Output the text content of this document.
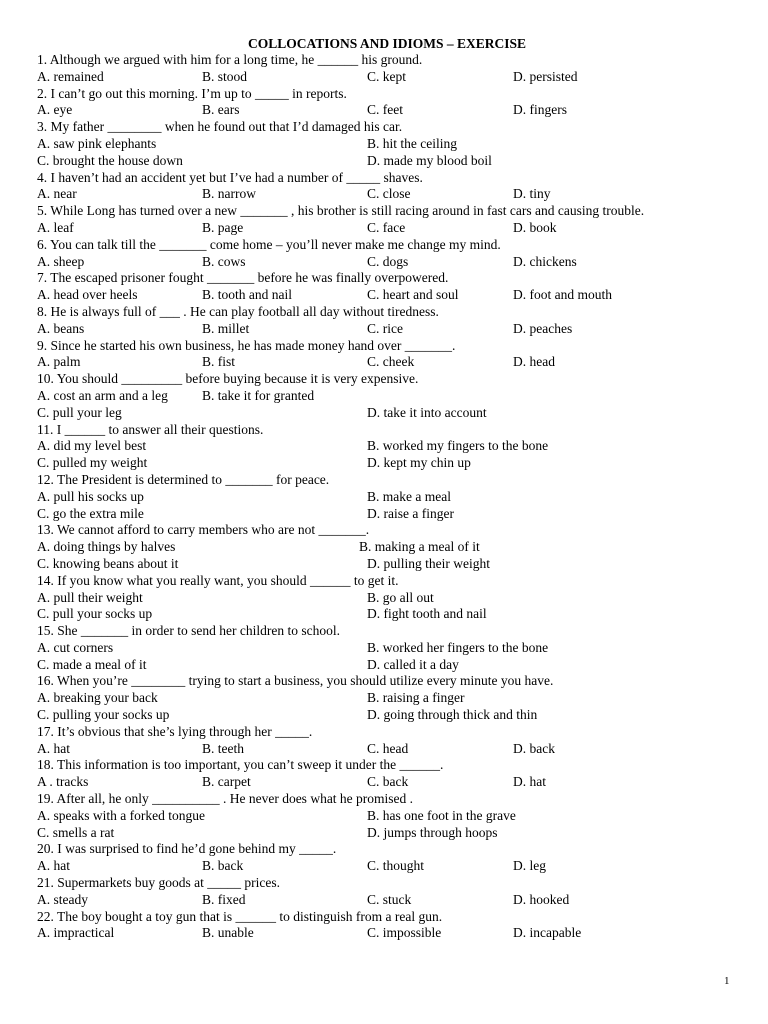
COLLOCATIONS AND IDIOMS – EXERCISE
1. Although we argued with him for a long time, he ______ his ground.
A. remained	B. stood	C. kept	D. persisted
2. I can’t go out this morning. I’m up to _____ in reports.
A. eye	B. ears	C. feet	D. fingers
3. My father ________ when he found out that I’d damaged his car.
A. saw pink elephants	B. hit the ceiling
C. brought the house down	D. made my blood boil
4. I haven’t had an accident yet but I’ve had a number of _____ shaves.
A. near	B. narrow	C. close	D. tiny
5. While Long has turned over a new _______ , his brother is still racing around in fast cars and causing trouble.
A. leaf	B. page	C. face	D. book
6. You can talk till the _______ come home – you’ll never make me change my mind.
A. sheep	B. cows	C. dogs	D. chickens
7. The escaped prisoner fought _______ before he was finally overpowered.
A. head over heels	B. tooth and nail	C. heart and soul	D. foot and mouth
8. He is always full of ___ . He can play football all day without tiredness.
A. beans	B. millet	C. rice	D. peaches
9. Since he started his own business, he has made money hand over _______.
A. palm	B. fist	C. cheek	D. head
10. You should _________ before buying because it is very expensive.
A. cost an arm and a leg	B. take it for granted
C. pull your leg	D. take it into account
11. I ______ to answer all their questions.
A. did my level best	B. worked my fingers to the bone
C. pulled my weight	D. kept my chin up
12. The President is determined to _______ for peace.
A. pull his socks up	B. make a meal
C. go the extra mile	D. raise a finger
13. We cannot afford to carry members who are not _______.
A. doing things by halves	B. making a meal of it
C. knowing beans about it	D. pulling their weight
14. If you know what you really want, you should ______ to get it.
A. pull their weight	B. go all out
C. pull your socks up	D. fight tooth and nail
15. She _______ in order to send her children to school.
A. cut corners	B. worked her fingers to the bone
C. made a meal of it	D. called it a day
16. When you’re ________ trying to start a business, you should utilize every minute you have.
A. breaking your back	B. raising a finger
C. pulling your socks up	D. going through thick and thin
17. It’s obvious that she’s lying through her _____.
A. hat	B. teeth	C. head	D. back
18. This information is too important, you can’t sweep it under the ______.
A . tracks	B. carpet	C. back	D. hat
19. After all, he only __________ . He never does what he promised .
A. speaks with a forked tongue	B. has one foot in the grave
C. smells a rat	D. jumps through hoops
20. I was surprised to find he’d gone behind my _____.
A. hat	B. back	C. thought	D. leg
21. Supermarkets buy goods at _____ prices.
A. steady	B. fixed	C. stuck	D. hooked
22. The boy bought a toy gun that is ______ to distinguish from a real gun.
A. impractical	B. unable	C. impossible	D. incapable
1
